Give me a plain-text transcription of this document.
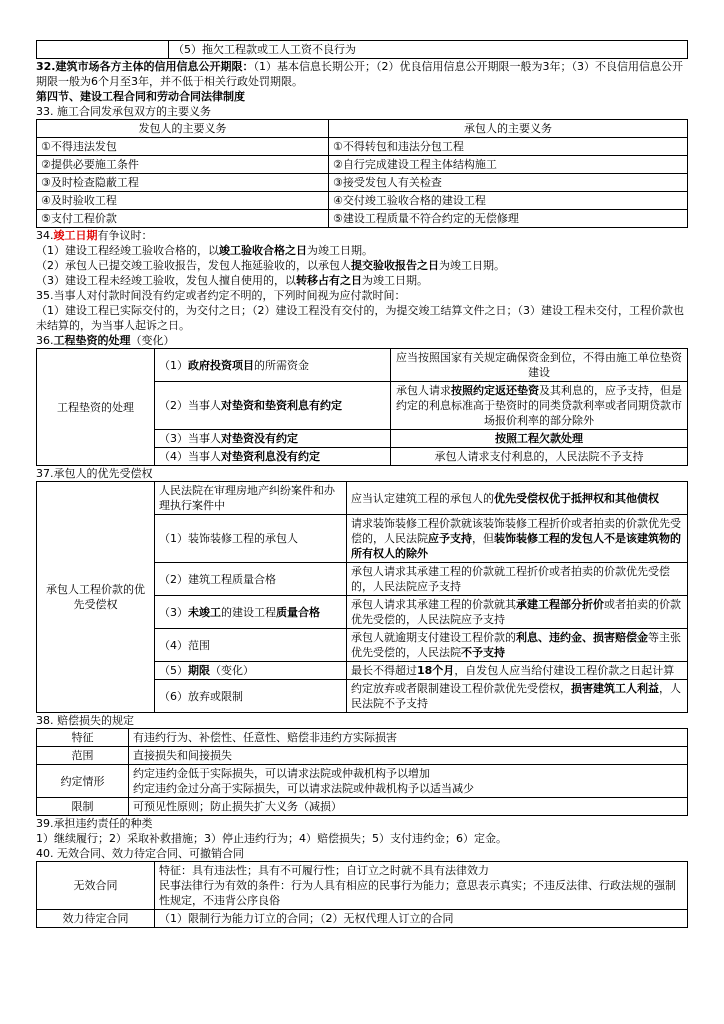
	（5）拖欠工程款或工人工资不良行为
32.建筑市场各方主体的信用信息公开期限：（1）基本信息长期公开；（2）优良信用信息公开期限一般为3年；（3）不良信用信息公开期限一般为6个月至3年，并不低于相关行政处罚期限。
第四节、建设工程合同和劳动合同法律制度
33. 施工合同发承包双方的主要义务
发包人的主要义务	承包人的主要义务
①不得违法发包	①不得转包和违法分包工程
②提供必要施工条件	②自行完成建设工程主体结构施工
③及时检查隐蔽工程	③接受发包人有关检查
④及时验收工程	④交付竣工验收合格的建设工程
⑤支付工程价款	⑤建设工程质量不符合约定的无偿修理
34.竣工日期有争议时：
（1）建设工程经竣工验收合格的，以竣工验收合格之日为竣工日期。
（2）承包人已提交竣工验收报告，发包人拖延验收的，以承包人提交验收报告之日为竣工日期。
（3）建设工程未经竣工验收，发包人擅自使用的，以转移占有之日为竣工日期。
35.当事人对付款时间没有约定或者约定不明的，下列时间视为应付款时间：
（1）建设工程已实际交付的，为交付之日；（2）建设工程没有交付的，为提交竣工结算文件之日；（3）建设工程未交付，工程价款也未结算的，为当事人起诉之日。
36.工程垫资的处理（变化）
工程垫资的处理	（1）政府投资项目的所需资金	应当按照国家有关规定确保资金到位，不得由施工单位垫资建设
	（2）当事人对垫资和垫资利息有约定	承包人请求按照约定返还垫资及其利息的，应予支持，但是约定的利息标准高于垫资时的同类贷款利率或者同期贷款市场报价利率的部分除外
	（3）当事人对垫资没有约定	按照工程欠款处理
	（4）当事人对垫资利息没有约定	承包人请求支付利息的，人民法院不予支持
37.承包人的优先受偿权
承包人工程价款的优先受偿权	人民法院在审理房地产纠纷案件和办理执行案件中	应当认定建筑工程的承包人的优先受偿权优于抵押权和其他债权
	（1）装饰装修工程的承包人	请求装饰装修工程价款就该装饰装修工程折价或者拍卖的价款优先受偿的，人民法院应予支持，但装饰装修工程的发包人不是该建筑物的所有权人的除外
	（2）建筑工程质量合格	承包人请求其承建工程的价款就工程折价或者拍卖的价款优先受偿的，人民法院应予支持
	（3）未竣工的建设工程质量合格	承包人请求其承建工程的价款就其承建工程部分折价或者拍卖的价款优先受偿的，人民法院应予支持
	（4）范围	承包人就逾期支付建设工程价款的利息、违约金、损害赔偿金等主张优先受偿的，人民法院不予支持
	（5）期限（变化）	最长不得超过18个月，自发包人应当给付建设工程价款之日起计算
	（6）放弃或限制	约定放弃或者限制建设工程价款优先受偿权，损害建筑工人利益，人民法院不予支持
38. 赔偿损失的规定
特征	有违约行为、补偿性、任意性、赔偿非违约方实际损害
范围	直接损失和间接损失
约定情形	约定违约金低于实际损失，可以请求法院或仲裁机构予以增加
约定违约金过分高于实际损失，可以请求法院或仲裁机构予以适当减少

限制	可预见性原则；防止损失扩大义务（减损）
39.承担违约责任的种类
1）继续履行；2）采取补救措施；3）停止违约行为；4）赔偿损失；5）支付违约金；6）定金。
40. 无效合同、效力待定合同、可撤销合同
无效合同	特征：具有违法性；具有不可履行性；自订立之时就不具有法律效力
民事法律行为有效的条件：行为人具有相应的民事行为能力；意思表示真实；不违反法律、行政法规的强制性规定，不违背公序良俗

效力待定合同	（1）限制行为能力订立的合同；（2）无权代理人订立的合同
